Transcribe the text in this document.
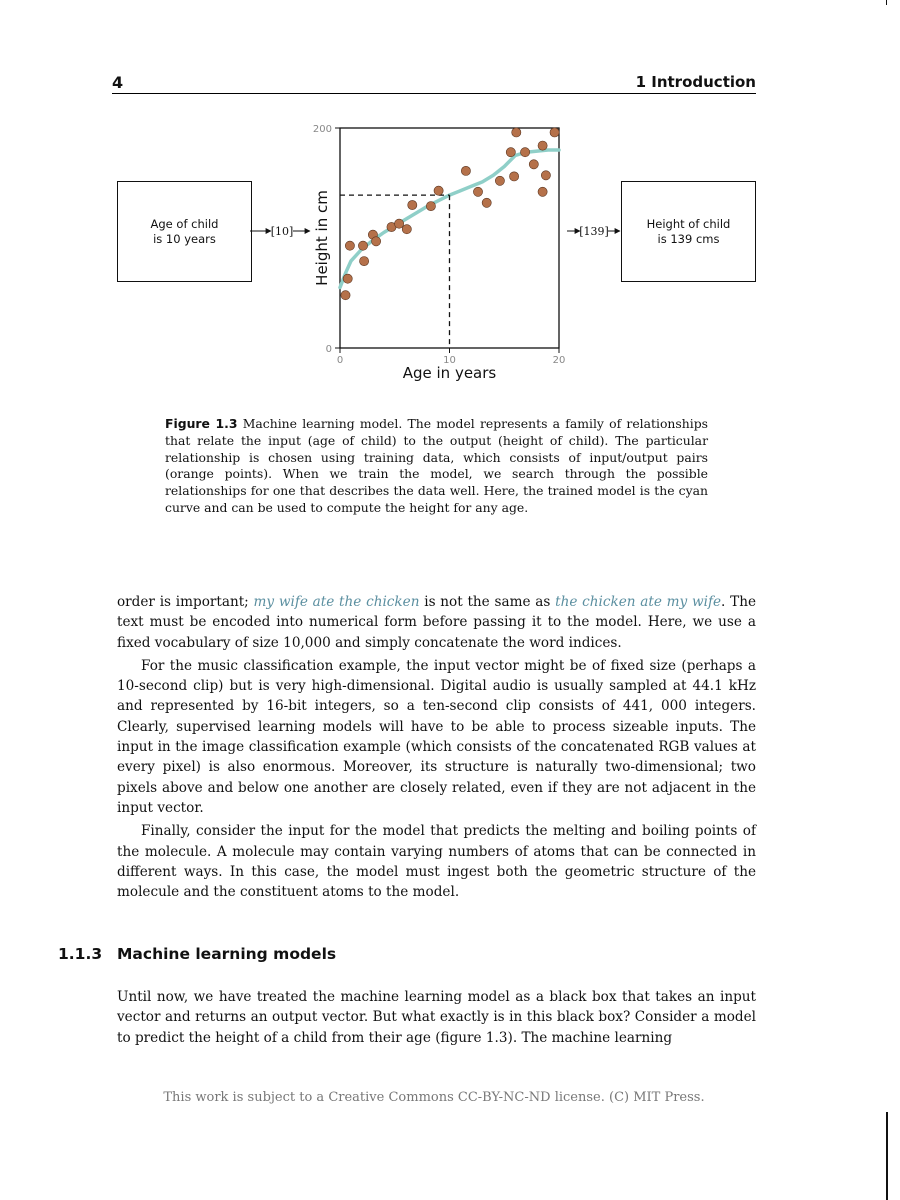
4	1 Introduction
Age of child
is 10 years
Height of child
is 139 cms
[10]	[139]
200
0
0	10	20
Age in years
Height in cm
Figure 1.3 Machine learning model. The model represents a family of relationships that relate the input (age of child) to the output (height of child). The particular relationship is chosen using training data, which consists of input/output pairs (orange points). When we train the model, we search through the possible relationships for one that describes the data well. Here, the trained model is the cyan curve and can be used to compute the height for any age.

order is important; my wife ate the chicken is not the same as the chicken ate my wife. The text must be encoded into numerical form before passing it to the model. Here, we use a fixed vocabulary of size 10,000 and simply concatenate the word indices.

For the music classification example, the input vector might be of fixed size (perhaps a 10-second clip) but is very high-dimensional. Digital audio is usually sampled at 44.1 kHz and represented by 16-bit integers, so a ten-second clip consists of 441, 000 integers. Clearly, supervised learning models will have to be able to process sizeable inputs. The input in the image classification example (which consists of the concatenated RGB values at every pixel) is also enormous. Moreover, its structure is naturally two-dimensional; two pixels above and below one another are closely related, even if they are not adjacent in the input vector.

Finally, consider the input for the model that predicts the melting and boiling points of the molecule. A molecule may contain varying numbers of atoms that can be connected in different ways. In this case, the model must ingest both the geometric structure of the molecule and the constituent atoms to the model.

1.1.3 Machine learning models

Until now, we have treated the machine learning model as a black box that takes an input vector and returns an output vector. But what exactly is in this black box? Consider a model to predict the height of a child from their age (figure 1.3). The machine learning

This work is subject to a Creative Commons CC-BY-NC-ND license. (C) MIT Press.
